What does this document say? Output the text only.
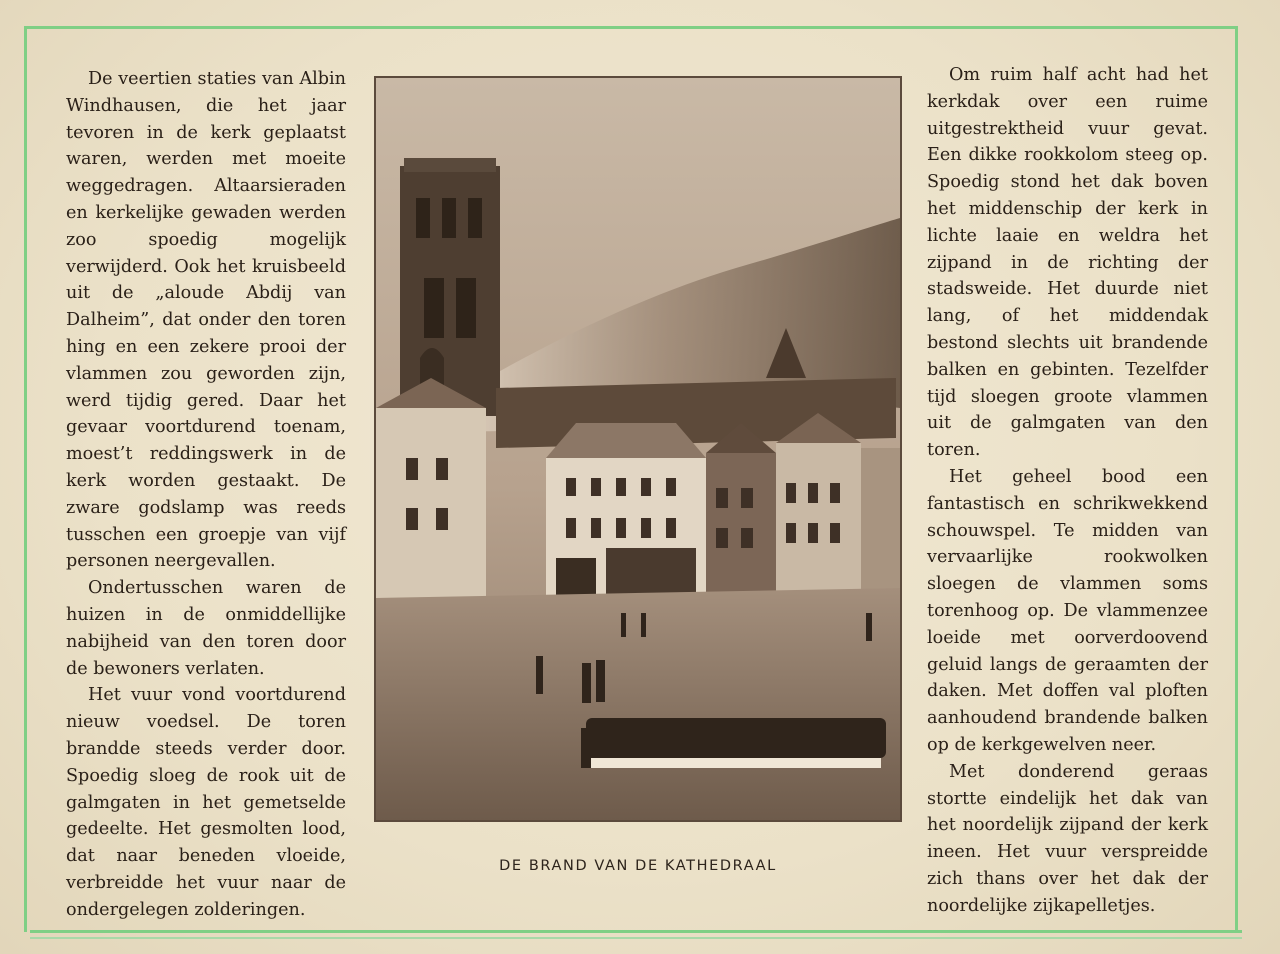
De veertien staties van Albin Windhausen, die het jaar tevoren in de kerk geplaatst waren, werden met moeite weggedragen. Altaarsieraden en kerkelijke gewaden werden zoo spoedig mogelijk verwijderd. Ook het kruisbeeld uit de „aloude Abdij van Dalheim”, dat onder den toren hing en een zekere prooi der vlammen zou geworden zijn, werd tijdig gered. Daar het gevaar voortdurend toenam, moest’t reddingswerk in de kerk worden gestaakt. De zware godslamp was reeds tusschen een groepje van vijf personen neergevallen.

Ondertusschen waren de huizen in de onmiddellijke nabijheid van den toren door de bewoners verlaten.

Het vuur vond voortdurend nieuw voedsel. De toren brandde steeds verder door. Spoedig sloeg de rook uit de galmgaten in het gemetselde gedeelte. Het gesmolten lood, dat naar beneden vloeide, verbreidde het vuur naar de ondergelegen zolderingen.

DE BRAND VAN DE KATHEDRAAL

Om ruim half acht had het kerkdak over een ruime uitgestrektheid vuur gevat. Een dikke rookkolom steeg op. Spoedig stond het dak boven het middenschip der kerk in lichte laaie en weldra het zijpand in de richting der stadsweide. Het duurde niet lang, of het middendak bestond slechts uit brandende balken en gebinten. Tezelfder tijd sloegen groote vlammen uit de galmgaten van den toren.

Het geheel bood een fantastisch en schrikwekkend schouwspel. Te midden van vervaarlijke rookwolken sloegen de vlammen soms torenhoog op. De vlammenzee loeide met oorverdoovend geluid langs de geraamten der daken. Met doffen val ploften aanhoudend brandende balken op de kerkgewelven neer.

Met donderend geraas stortte eindelijk het dak van het noordelijk zijpand der kerk ineen. Het vuur verspreidde zich thans over het dak der noordelijke zijkapelletjes.
